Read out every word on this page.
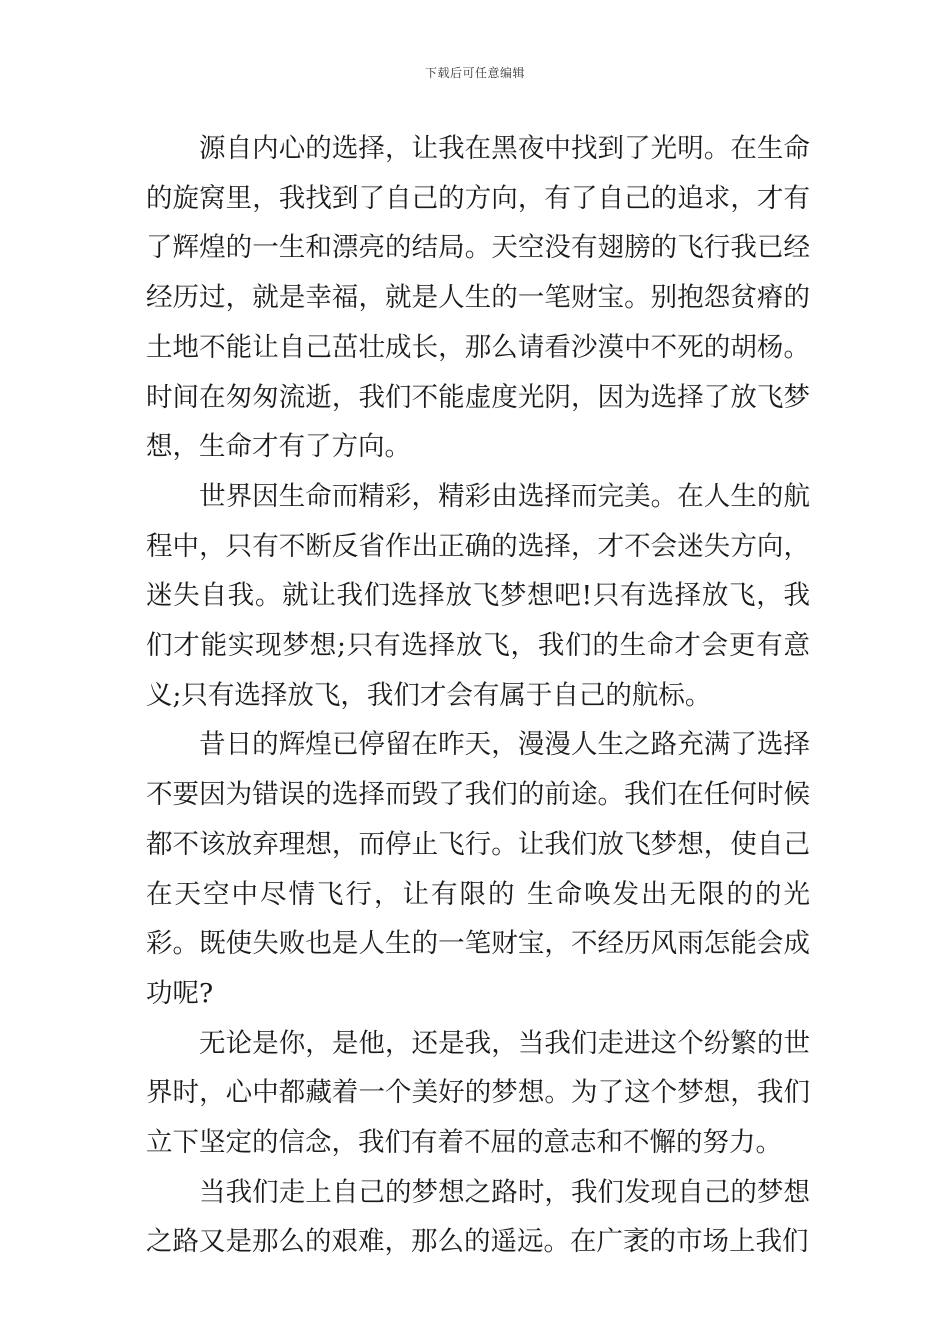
下载后可任意编辑

源自内心的选择，让我在黑夜中找到了光明。在生命的旋窝里，我找到了自己的方向，有了自己的追求，才有了辉煌的一生和漂亮的结局。天空没有翅膀的飞行我已经经历过，就是幸福，就是人生的一笔财宝。别抱怨贫瘠的土地不能让自己茁壮成长，那么请看沙漠中不死的胡杨。时间在匆匆流逝，我们不能虚度光阴，因为选择了放飞梦想，生命才有了方向。

世界因生命而精彩，精彩由选择而完美。在人生的航程中，只有不断反省作出正确的选择，才不会迷失方向，迷失自我。就让我们选择放飞梦想吧!只有选择放飞，我们才能实现梦想;只有选择放飞，我们的生命才会更有意义;只有选择放飞，我们才会有属于自己的航标。

昔日的辉煌已停留在昨天，漫漫人生之路充满了选择不要因为错误的选择而毁了我们的前途。我们在任何时候都不该放弃理想，而停止飞行。让我们放飞梦想，使自己在天空中尽情飞行，让有限的 生命唤发出无限的的光彩。既使失败也是人生的一笔财宝，不经历风雨怎能会成功呢?

无论是你，是他，还是我，当我们走进这个纷繁的世界时，心中都藏着一个美好的梦想。为了这个梦想，我们立下坚定的信念，我们有着不屈的意志和不懈的努力。

当我们走上自己的梦想之路时，我们发现自己的梦想之路又是那么的艰难，那么的遥远。在广袤的市场上我们
